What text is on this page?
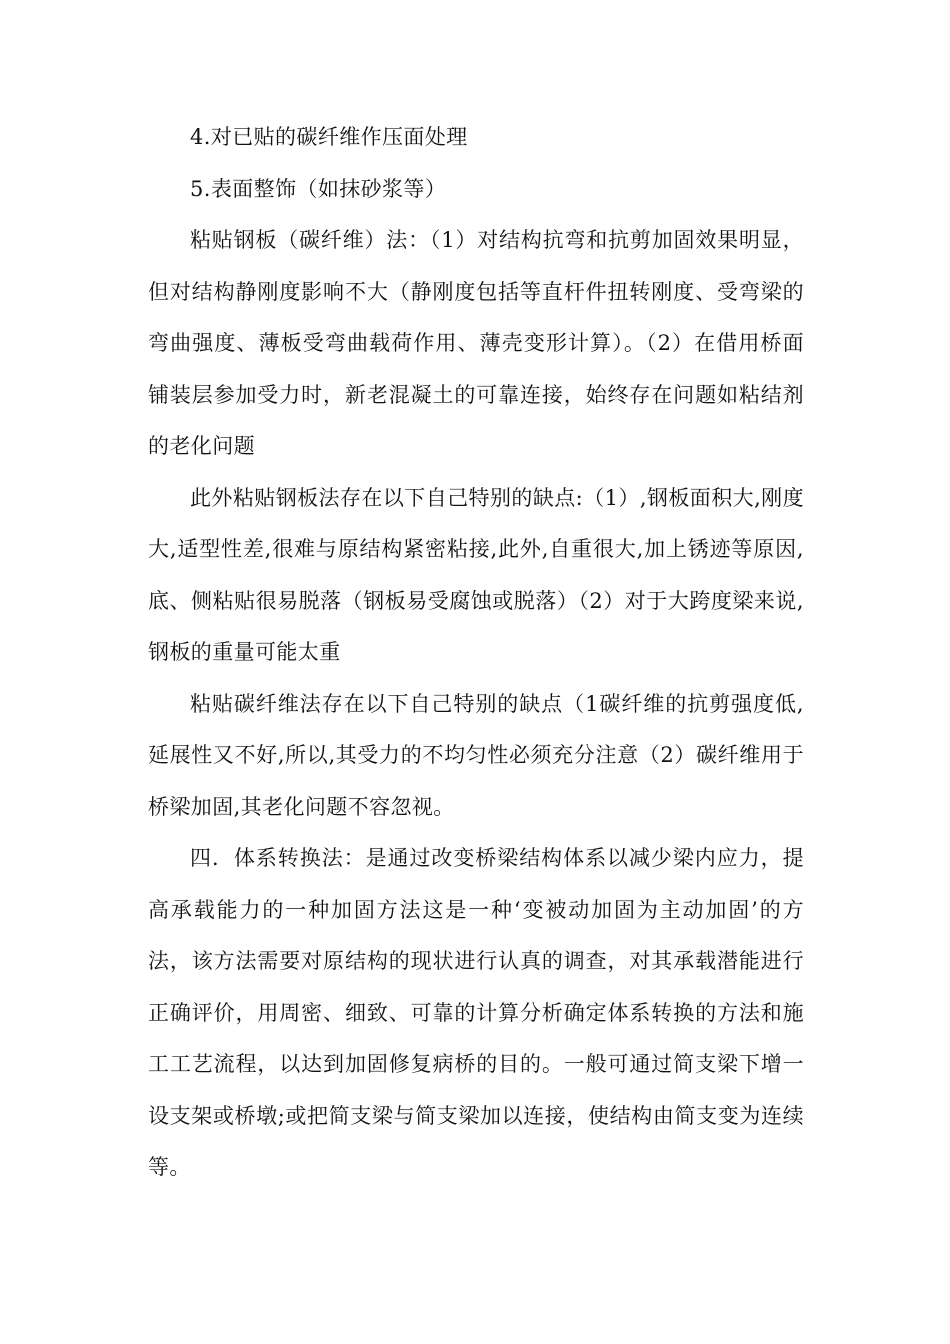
4.对已贴的碳纤维作压面处理

5.表面整饰（如抹砂浆等）

粘贴钢板（碳纤维）法：（1）对结构抗弯和抗剪加固效果明显，但对结构静刚度影响不大（静刚度包括等直杆件扭转刚度、受弯梁的弯曲强度、薄板受弯曲载荷作用、薄壳变形计算）。（2）在借用桥面铺装层参加受力时，新老混凝土的可靠连接，始终存在问题如粘结剂的老化问题

此外粘贴钢板法存在以下自己特别的缺点:（1）,钢板面积大,刚度大,适型性差,很难与原结构紧密粘接,此外,自重很大,加上锈迹等原因,底、侧粘贴很易脱落（钢板易受腐蚀或脱落）（2）对于大跨度梁来说,钢板的重量可能太重

粘贴碳纤维法存在以下自己特别的缺点（1碳纤维的抗剪强度低,延展性又不好,所以,其受力的不均匀性必须充分注意（2）碳纤维用于桥梁加固,其老化问题不容忽视。

四．体系转换法：是通过改变桥梁结构体系以减少梁内应力，提高承载能力的一种加固方法这是一种‘变被动加固为主动加固’的方法，该方法需要对原结构的现状进行认真的调查，对其承载潜能进行正确评价，用周密、细致、可靠的计算分析确定体系转换的方法和施工工艺流程，以达到加固修复病桥的目的。一般可通过简支梁下增一设支架或桥墩;或把简支梁与简支梁加以连接，使结构由简支变为连续等。
